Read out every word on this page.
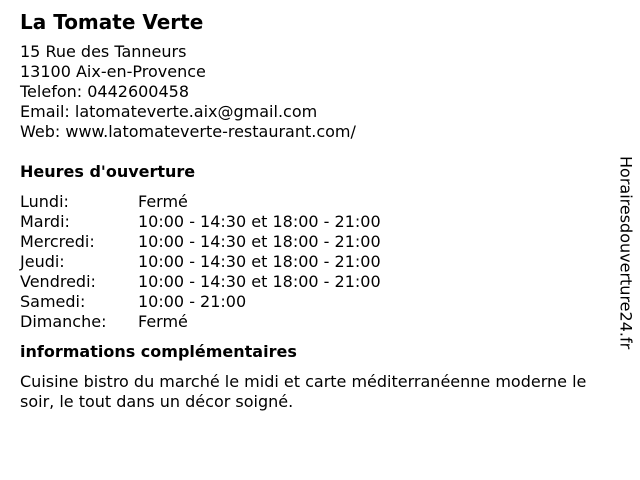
La Tomate Verte
15 Rue des Tanneurs
13100 Aix-en-Provence
Telefon: 0442600458
Email: latomateverte.aix@gmail.com
Web: www.latomateverte-restaurant.com/
Heures d'ouverture
Lundi:	Fermé
Mardi:	10:00 - 14:30 et 18:00 - 21:00
Mercredi:	10:00 - 14:30 et 18:00 - 21:00
Jeudi:	10:00 - 14:30 et 18:00 - 21:00
Vendredi:	10:00 - 14:30 et 18:00 - 21:00
Samedi:	10:00 - 21:00
Dimanche:	Fermé
informations complémentaires
Cuisine bistro du marché le midi et carte méditerranéenne moderne le soir, le tout dans un décor soigné.
Horairesdouverture24.fr
